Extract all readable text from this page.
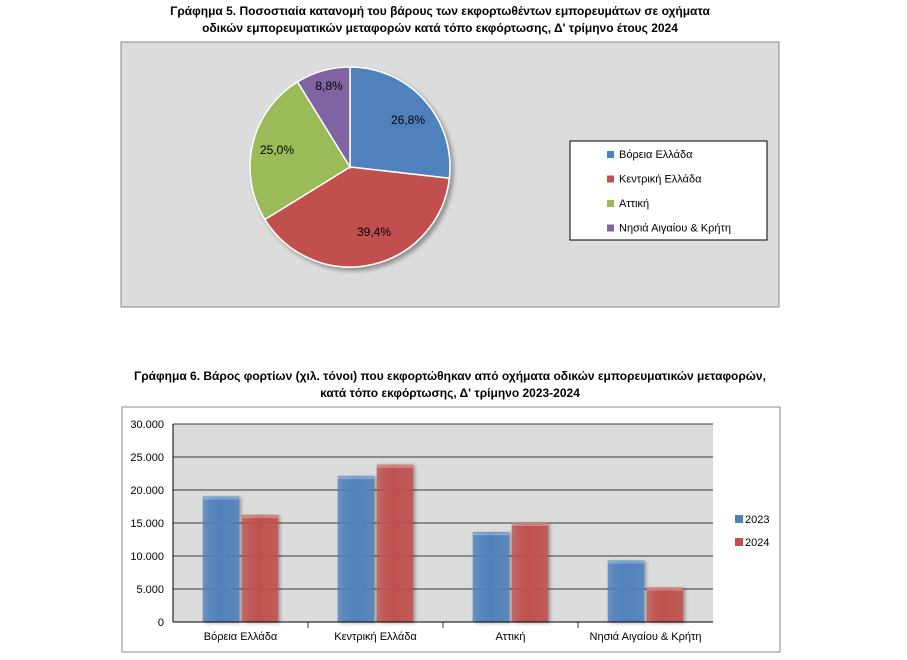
Γράφημα 5. Ποσοστιαία κατανομή του βάρους των εκφορτωθέντων εμπορευμάτων σε οχήματα
οδικών εμπορευματικών μεταφορών κατά τόπο εκφόρτωσης, Δ' τρίμηνο έτους 2024
Γράφημα 6. Βάρος φορτίων (χιλ. τόνοι) που εκφορτώθηκαν από οχήματα οδικών εμπορευματικών μεταφορών,
κατά τόπο εκφόρτωσης, Δ' τρίμηνο 2023-2024
26,8%
39,4%
25,0%
8,8%
Βόρεια Ελλάδα
Κεντρική Ελλάδα
Αττική
Νησιά Αιγαίου & Κρήτη
0
5.000
10.000
15.000
20.000
25.000
30.000
Βόρεια Ελλάδα	Κεντρική Ελλάδα	Αττική	Νησιά Αιγαίου & Κρήτη
2023
2024
